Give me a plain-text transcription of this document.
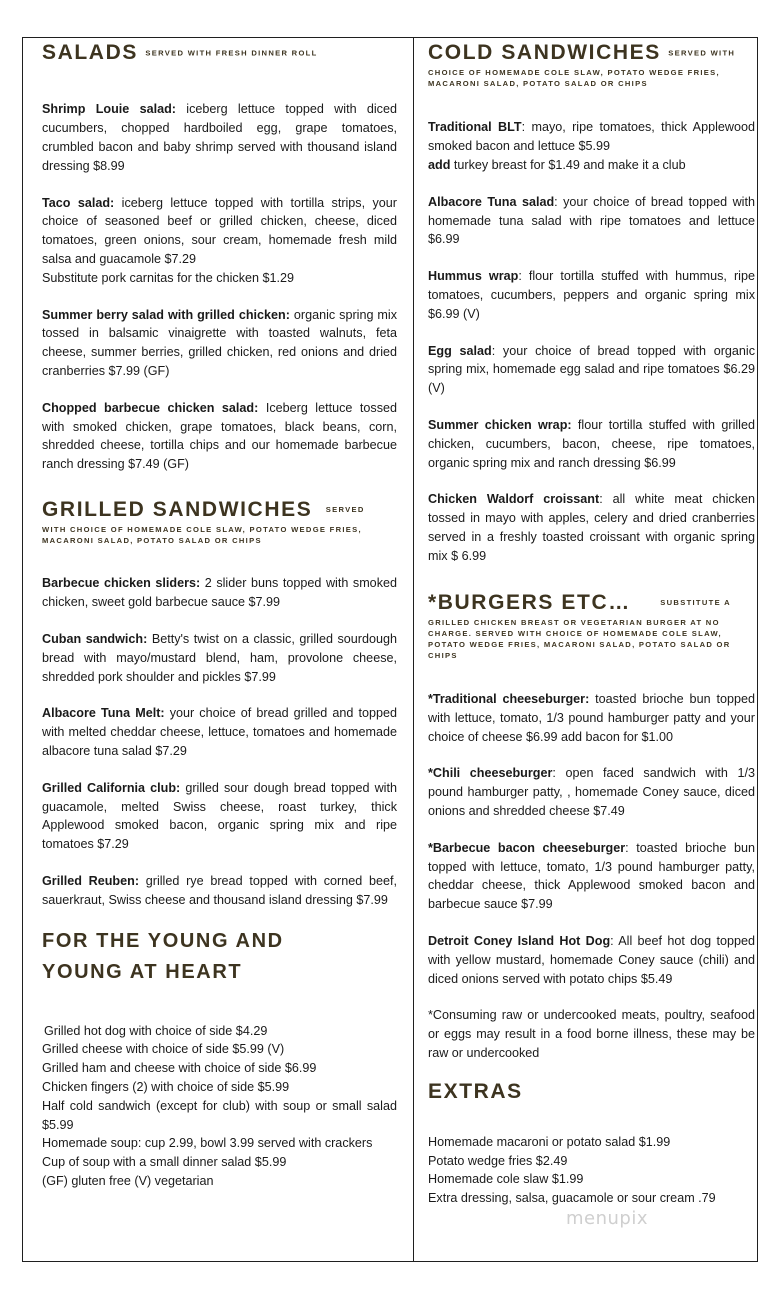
SALADS SERVED WITH FRESH DINNER ROLL
Shrimp Louie salad: iceberg lettuce topped with diced cucumbers, chopped hardboiled egg, grape tomatoes, crumbled bacon and baby shrimp served with thousand island dressing $8.99
Taco salad: iceberg lettuce topped with tortilla strips, your choice of seasoned beef or grilled chicken, cheese, diced tomatoes, green onions, sour cream, homemade fresh mild salsa and guacamole $7.29
Substitute pork carnitas for the chicken $1.29
Summer berry salad with grilled chicken: organic spring mix tossed in balsamic vinaigrette with toasted walnuts, feta cheese, summer berries, grilled chicken, red onions and dried cranberries $7.99 (GF)
Chopped barbecue chicken salad: Iceberg lettuce tossed with smoked chicken, grape tomatoes, black beans, corn, shredded cheese, tortilla chips and our homemade barbecue ranch dressing $7.49 (GF)
GRILLED SANDWICHES SERVED
WITH CHOICE OF HOMEMADE COLE SLAW, POTATO WEDGE FRIES, MACARONI SALAD, POTATO SALAD OR CHIPS
Barbecue chicken sliders: 2 slider buns topped with smoked chicken, sweet gold barbecue sauce $7.99
Cuban sandwich: Betty's twist on a classic, grilled sourdough bread with mayo/mustard blend, ham, provolone cheese, shredded pork shoulder and pickles $7.99
Albacore Tuna Melt: your choice of bread grilled and topped with melted cheddar cheese, lettuce, tomatoes and homemade albacore tuna salad $7.29
Grilled California club: grilled sour dough bread topped with guacamole, melted Swiss cheese, roast turkey, thick Applewood smoked bacon, organic spring mix and ripe tomatoes $7.29
Grilled Reuben: grilled rye bread topped with corned beef, sauerkraut, Swiss cheese and thousand island dressing $7.99
FOR THE YOUNG AND
YOUNG AT HEART
Grilled hot dog with choice of side $4.29
Grilled cheese with choice of side $5.99 (V)
Grilled ham and cheese with choice of side $6.99
Chicken fingers (2) with choice of side $5.99
Half cold sandwich (except for club) with soup or small salad $5.99
Homemade soup: cup 2.99, bowl 3.99 served with crackers
Cup of soup with a small dinner salad $5.99
(GF) gluten free (V) vegetarian
COLD SANDWICHES SERVED WITH
CHOICE OF HOMEMADE COLE SLAW, POTATO WEDGE FRIES, MACARONI SALAD, POTATO SALAD OR CHIPS
Traditional BLT: mayo, ripe tomatoes, thick Applewood smoked bacon and lettuce $5.99
add turkey breast for $1.49 and make it a club
Albacore Tuna salad: your choice of bread topped with homemade tuna salad with ripe tomatoes and lettuce $6.99
Hummus wrap: flour tortilla stuffed with hummus, ripe tomatoes, cucumbers, peppers and organic spring mix $6.99 (V)
Egg salad: your choice of bread topped with organic spring mix, homemade egg salad and ripe tomatoes $6.29 (V)
Summer chicken wrap: flour tortilla stuffed with grilled chicken, cucumbers, bacon, cheese, ripe tomatoes, organic spring mix and ranch dressing $6.99
Chicken Waldorf croissant: all white meat chicken tossed in mayo with apples, celery and dried cranberries served in a freshly toasted croissant with organic spring mix $ 6.99
*BURGERS ETC…	SUBSTITUTE A
GRILLED CHICKEN BREAST OR VEGETARIAN BURGER AT NO CHARGE. SERVED WITH CHOICE OF HOMEMADE COLE SLAW, POTATO WEDGE FRIES, MACARONI SALAD, POTATO SALAD OR CHIPS
*Traditional cheeseburger: toasted brioche bun topped with lettuce, tomato, 1/3 pound hamburger patty and your choice of cheese $6.99 add bacon for $1.00
*Chili cheeseburger: open faced sandwich with 1/3 pound hamburger patty, , homemade Coney sauce, diced onions and shredded cheese $7.49
*Barbecue bacon cheeseburger: toasted brioche bun topped with lettuce, tomato, 1/3 pound hamburger patty, cheddar cheese, thick Applewood smoked bacon and barbecue sauce $7.99
Detroit Coney Island Hot Dog: All beef hot dog topped with yellow mustard, homemade Coney sauce (chili) and diced onions served with potato chips $5.49
*Consuming raw or undercooked meats, poultry, seafood or eggs may result in a food borne illness, these may be raw or undercooked
EXTRAS
Homemade macaroni or potato salad $1.99
Potato wedge fries $2.49
Homemade cole slaw $1.99
Extra dressing, salsa, guacamole or sour cream .79
menupix
